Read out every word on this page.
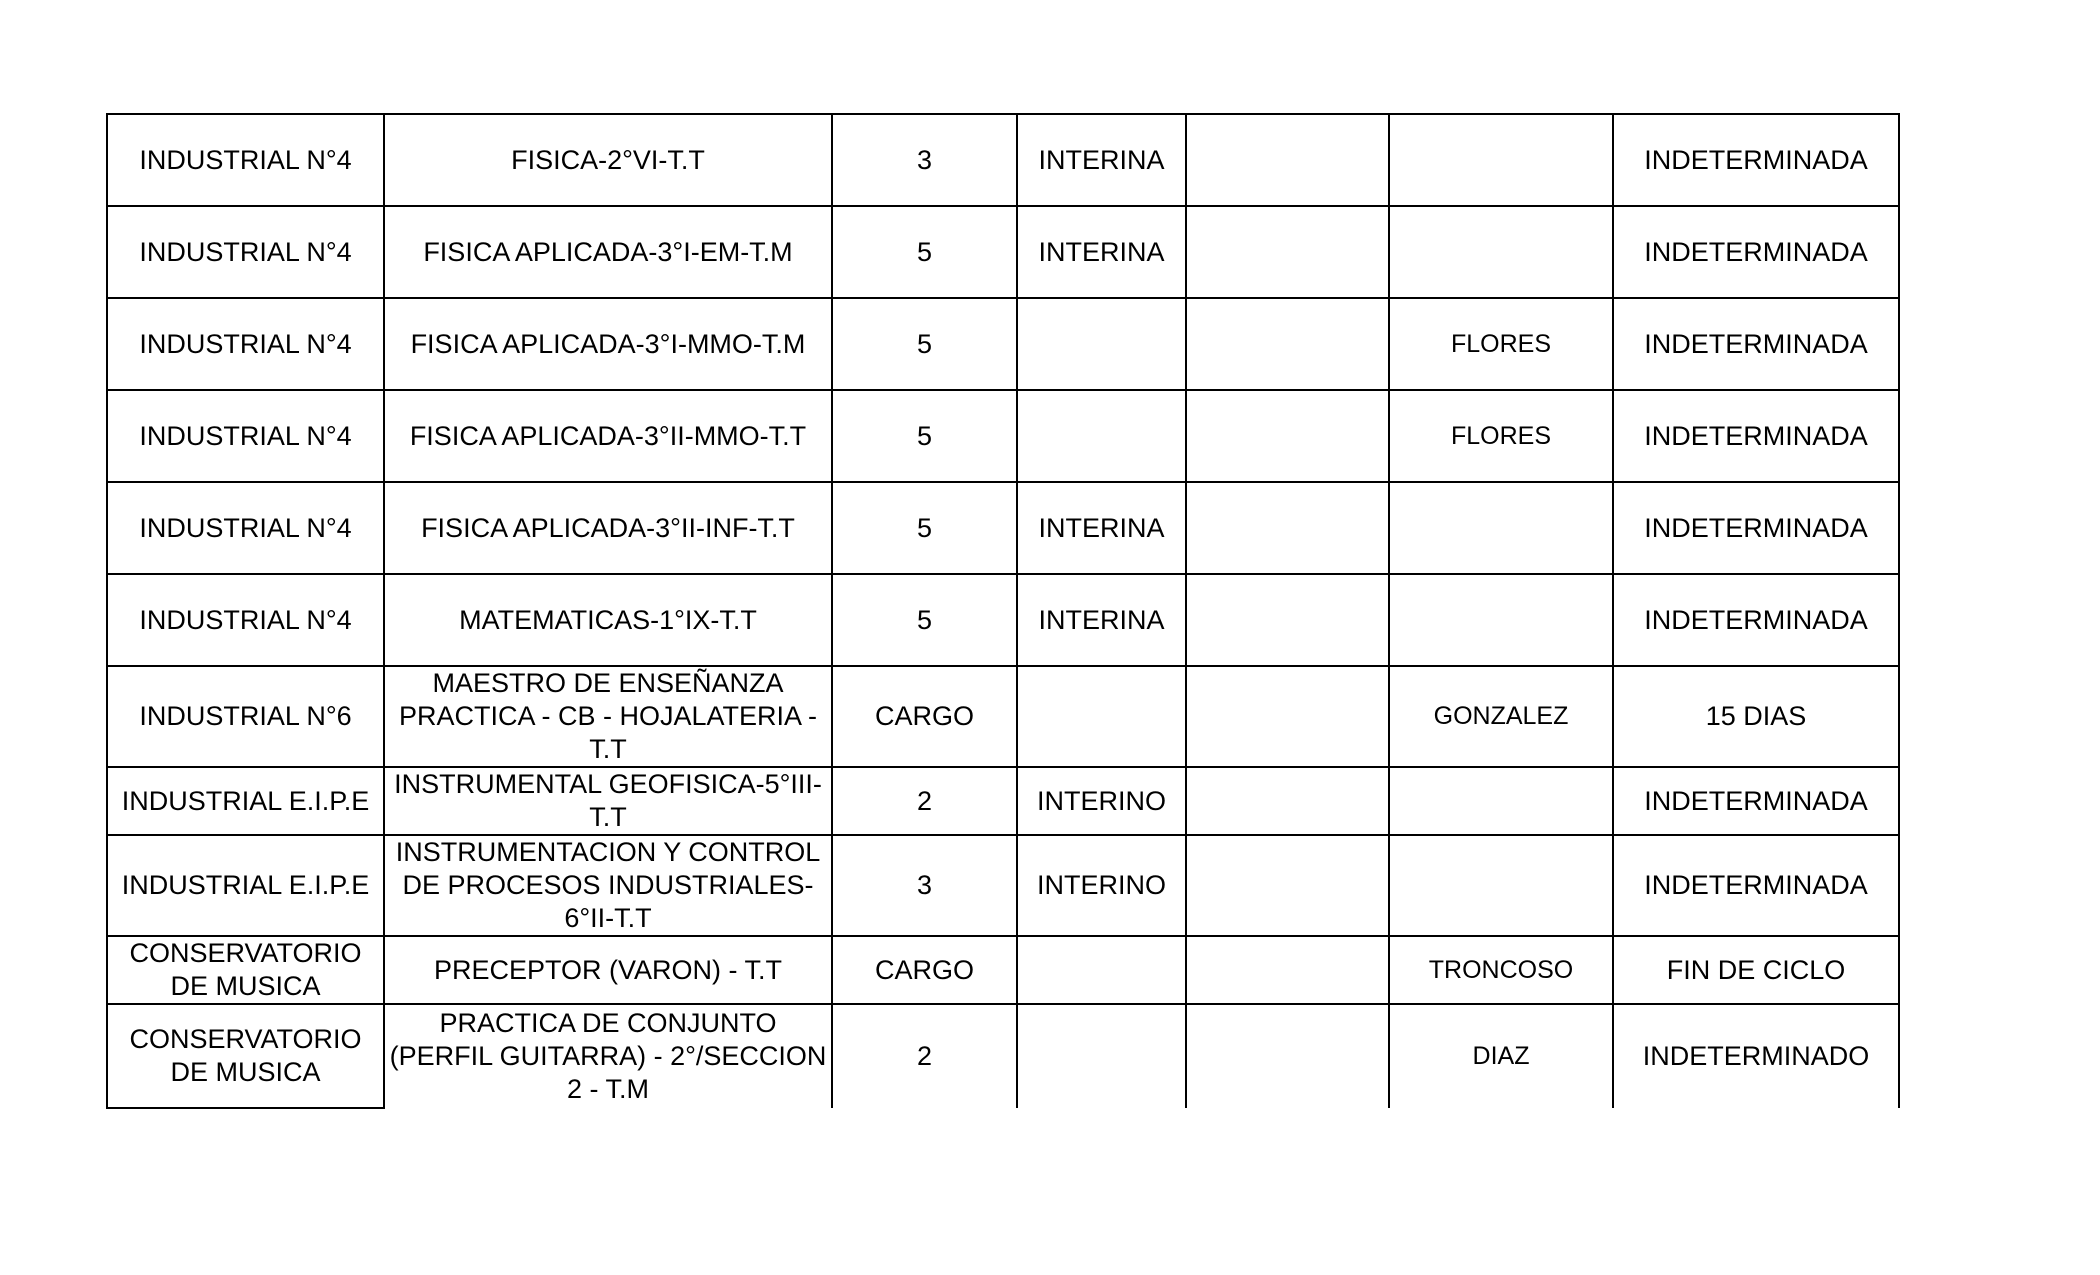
INDUSTRIAL N°4	FISICA-2°VI-T.T	3	INTERINA			INDETERMINADA
INDUSTRIAL N°4	FISICA APLICADA-3°I-EM-T.M	5	INTERINA			INDETERMINADA
INDUSTRIAL N°4	FISICA APLICADA-3°I-MMO-T.M	5			FLORES	INDETERMINADA
INDUSTRIAL N°4	FISICA APLICADA-3°II-MMO-T.T	5			FLORES	INDETERMINADA
INDUSTRIAL N°4	FISICA APLICADA-3°II-INF-T.T	5	INTERINA			INDETERMINADA
INDUSTRIAL N°4	MATEMATICAS-1°IX-T.T	5	INTERINA			INDETERMINADA
INDUSTRIAL N°6	MAESTRO DE ENSEÑANZA PRACTICA - CB - HOJALATERIA - T.T	CARGO			GONZALEZ	15 DIAS
INDUSTRIAL E.I.P.E	INSTRUMENTAL GEOFISICA-5°III-T.T	2	INTERINO			INDETERMINADA
INDUSTRIAL E.I.P.E	INSTRUMENTACION Y CONTROL DE PROCESOS INDUSTRIALES-6°II-T.T	3	INTERINO			INDETERMINADA
CONSERVATORIO DE MUSICA	PRECEPTOR (VARON) - T.T	CARGO			TRONCOSO	FIN DE CICLO
CONSERVATORIO DE MUSICA	PRACTICA DE CONJUNTO (PERFIL GUITARRA) - 2°/SECCION 2 - T.M	2			DIAZ	INDETERMINADO
